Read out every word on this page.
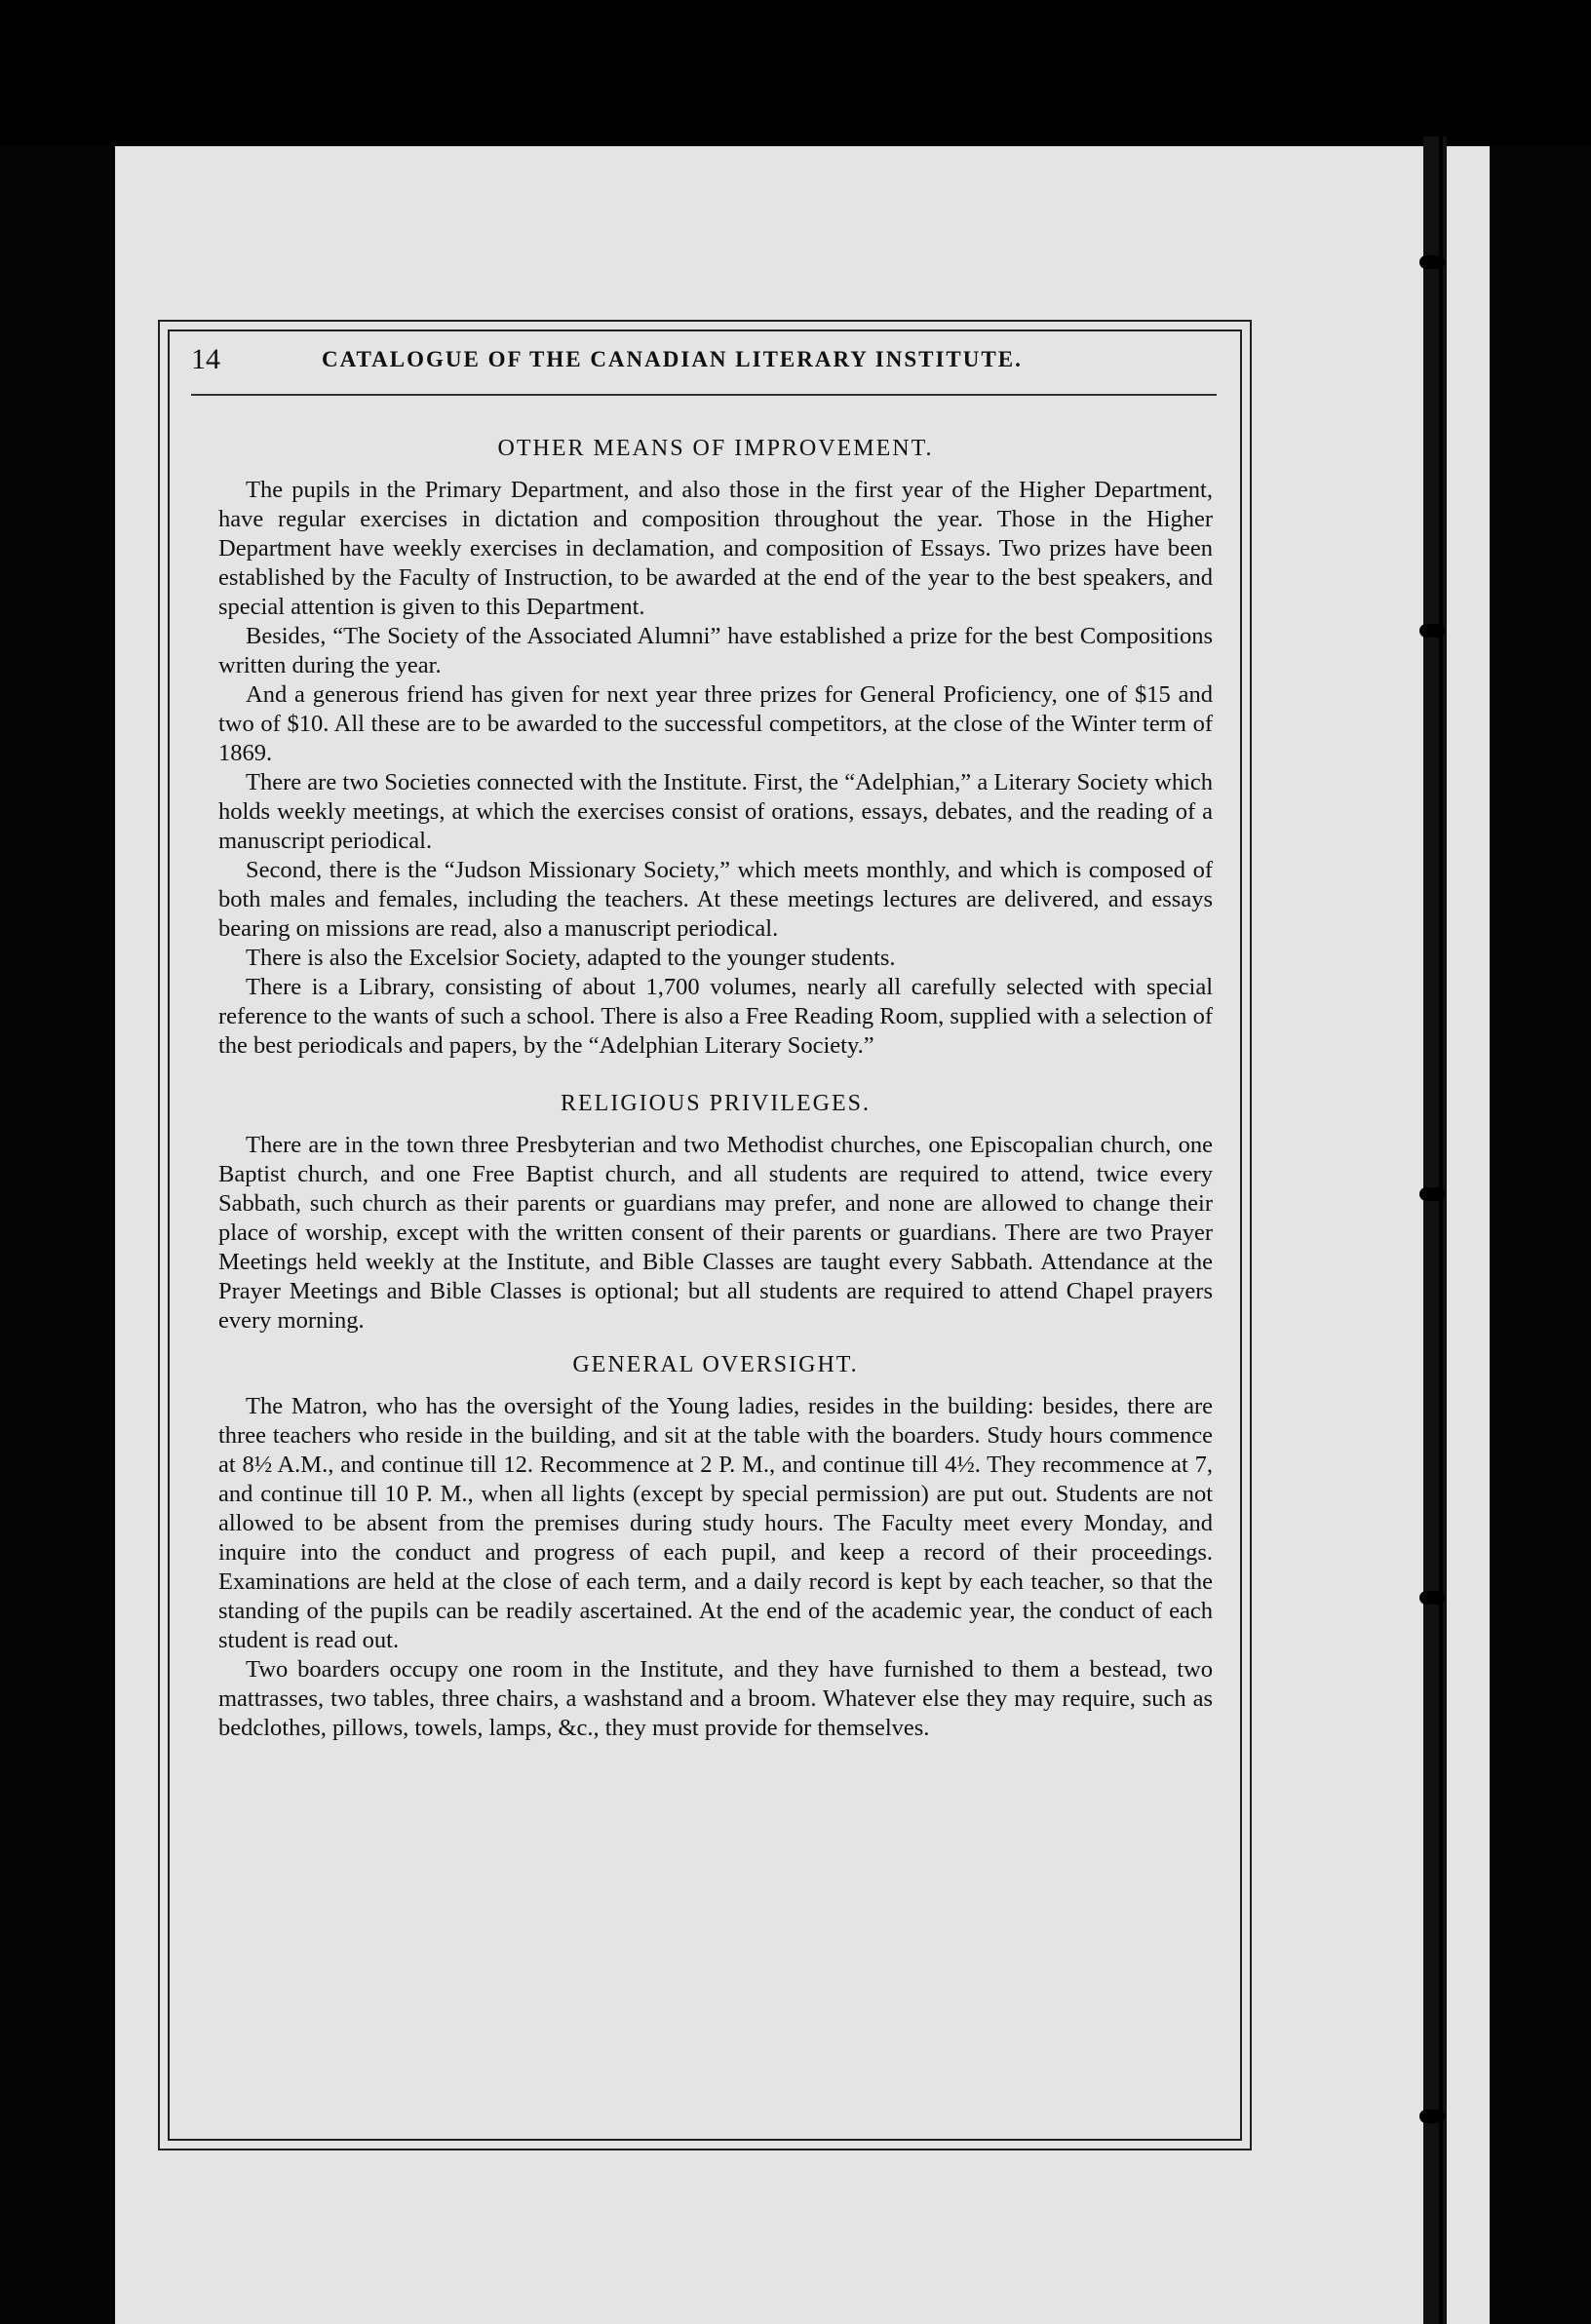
14	CATALOGUE OF THE CANADIAN LITERARY INSTITUTE.
OTHER MEANS OF IMPROVEMENT.

The pupils in the Primary Department, and also those in the first year of the Higher Department, have regular exercises in dictation and composition throughout the year. Those in the Higher Department have weekly exercises in declamation, and composition of Essays. Two prizes have been established by the Faculty of Instruction, to be awarded at the end of the year to the best speakers, and special attention is given to this Department.

Besides, “The Society of the Associated Alumni” have established a prize for the best Compositions written during the year.

And a generous friend has given for next year three prizes for General Proficiency, one of $15 and two of $10. All these are to be awarded to the successful competitors, at the close of the Winter term of 1869.

There are two Societies connected with the Institute. First, the “Adelphian,” a Literary Society which holds weekly meetings, at which the exercises consist of orations, essays, debates, and the reading of a manuscript periodical.

Second, there is the “Judson Missionary Society,” which meets monthly, and which is composed of both males and females, including the teachers. At these meetings lectures are delivered, and essays bearing on missions are read, also a manuscript periodical.

There is also the Excelsior Society, adapted to the younger students.

There is a Library, consisting of about 1,700 volumes, nearly all carefully selected with special reference to the wants of such a school. There is also a Free Reading Room, supplied with a selection of the best periodicals and papers, by the “Adelphian Literary Society.”

RELIGIOUS PRIVILEGES.

There are in the town three Presbyterian and two Methodist churches, one Episcopalian church, one Baptist church, and one Free Baptist church, and all students are required to attend, twice every Sabbath, such church as their parents or guardians may prefer, and none are allowed to change their place of worship, except with the written consent of their parents or guardians. There are two Prayer Meetings held weekly at the Institute, and Bible Classes are taught every Sabbath. Attendance at the Prayer Meetings and Bible Classes is optional; but all students are required to attend Chapel prayers every morning.

GENERAL OVERSIGHT.

The Matron, who has the oversight of the Young ladies, resides in the building: besides, there are three teachers who reside in the building, and sit at the table with the boarders. Study hours commence at 8½ A.M., and continue till 12. Recommence at 2 P. M., and continue till 4½. They recommence at 7, and continue till 10 P. M., when all lights (except by special permission) are put out. Students are not allowed to be absent from the premises during study hours. The Faculty meet every Monday, and inquire into the conduct and progress of each pupil, and keep a record of their proceedings. Examinations are held at the close of each term, and a daily record is kept by each teacher, so that the standing of the pupils can be readily ascertained. At the end of the academic year, the conduct of each student is read out.

Two boarders occupy one room in the Institute, and they have furnished to them a bestead, two mattrasses, two tables, three chairs, a washstand and a broom. Whatever else they may require, such as bedclothes, pillows, towels, lamps, &c., they must provide for themselves.
